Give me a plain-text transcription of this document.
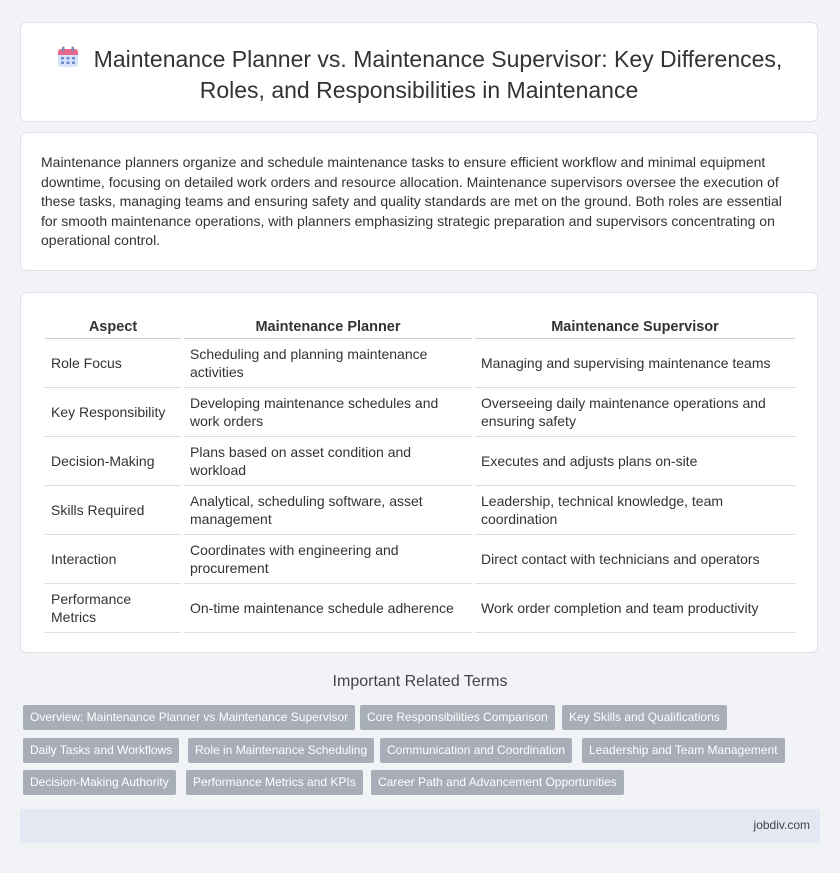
Maintenance Planner vs. Maintenance Supervisor: Key Differences, Roles, and Responsibilities in Maintenance

Maintenance planners organize and schedule maintenance tasks to ensure efficient workflow and minimal equipment downtime, focusing on detailed work orders and resource allocation. Maintenance supervisors oversee the execution of these tasks, managing teams and ensuring safety and quality standards are met on the ground. Both roles are essential for smooth maintenance operations, with planners emphasizing strategic preparation and supervisors concentrating on operational control.

Aspect	Maintenance Planner	Maintenance Supervisor
Role Focus	Scheduling and planning maintenance activities	Managing and supervising maintenance teams
Key Responsibility	Developing maintenance schedules and work orders	Overseeing daily maintenance operations and ensuring safety
Decision-Making	Plans based on asset condition and workload	Executes and adjusts plans on-site
Skills Required	Analytical, scheduling software, asset management	Leadership, technical knowledge, team coordination
Interaction	Coordinates with engineering and procurement	Direct contact with technicians and operators
Performance Metrics	On-time maintenance schedule adherence	Work order completion and team productivity
Important Related Terms
Overview: Maintenance Planner vs Maintenance Supervisor	Core Responsibilities Comparison	Key Skills and Qualifications
Daily Tasks and Workflows	Role in Maintenance Scheduling	Communication and Coordination	Leadership and Team Management
Decision-Making Authority	Performance Metrics and KPIs	Career Path and Advancement Opportunities
jobdiv.com
